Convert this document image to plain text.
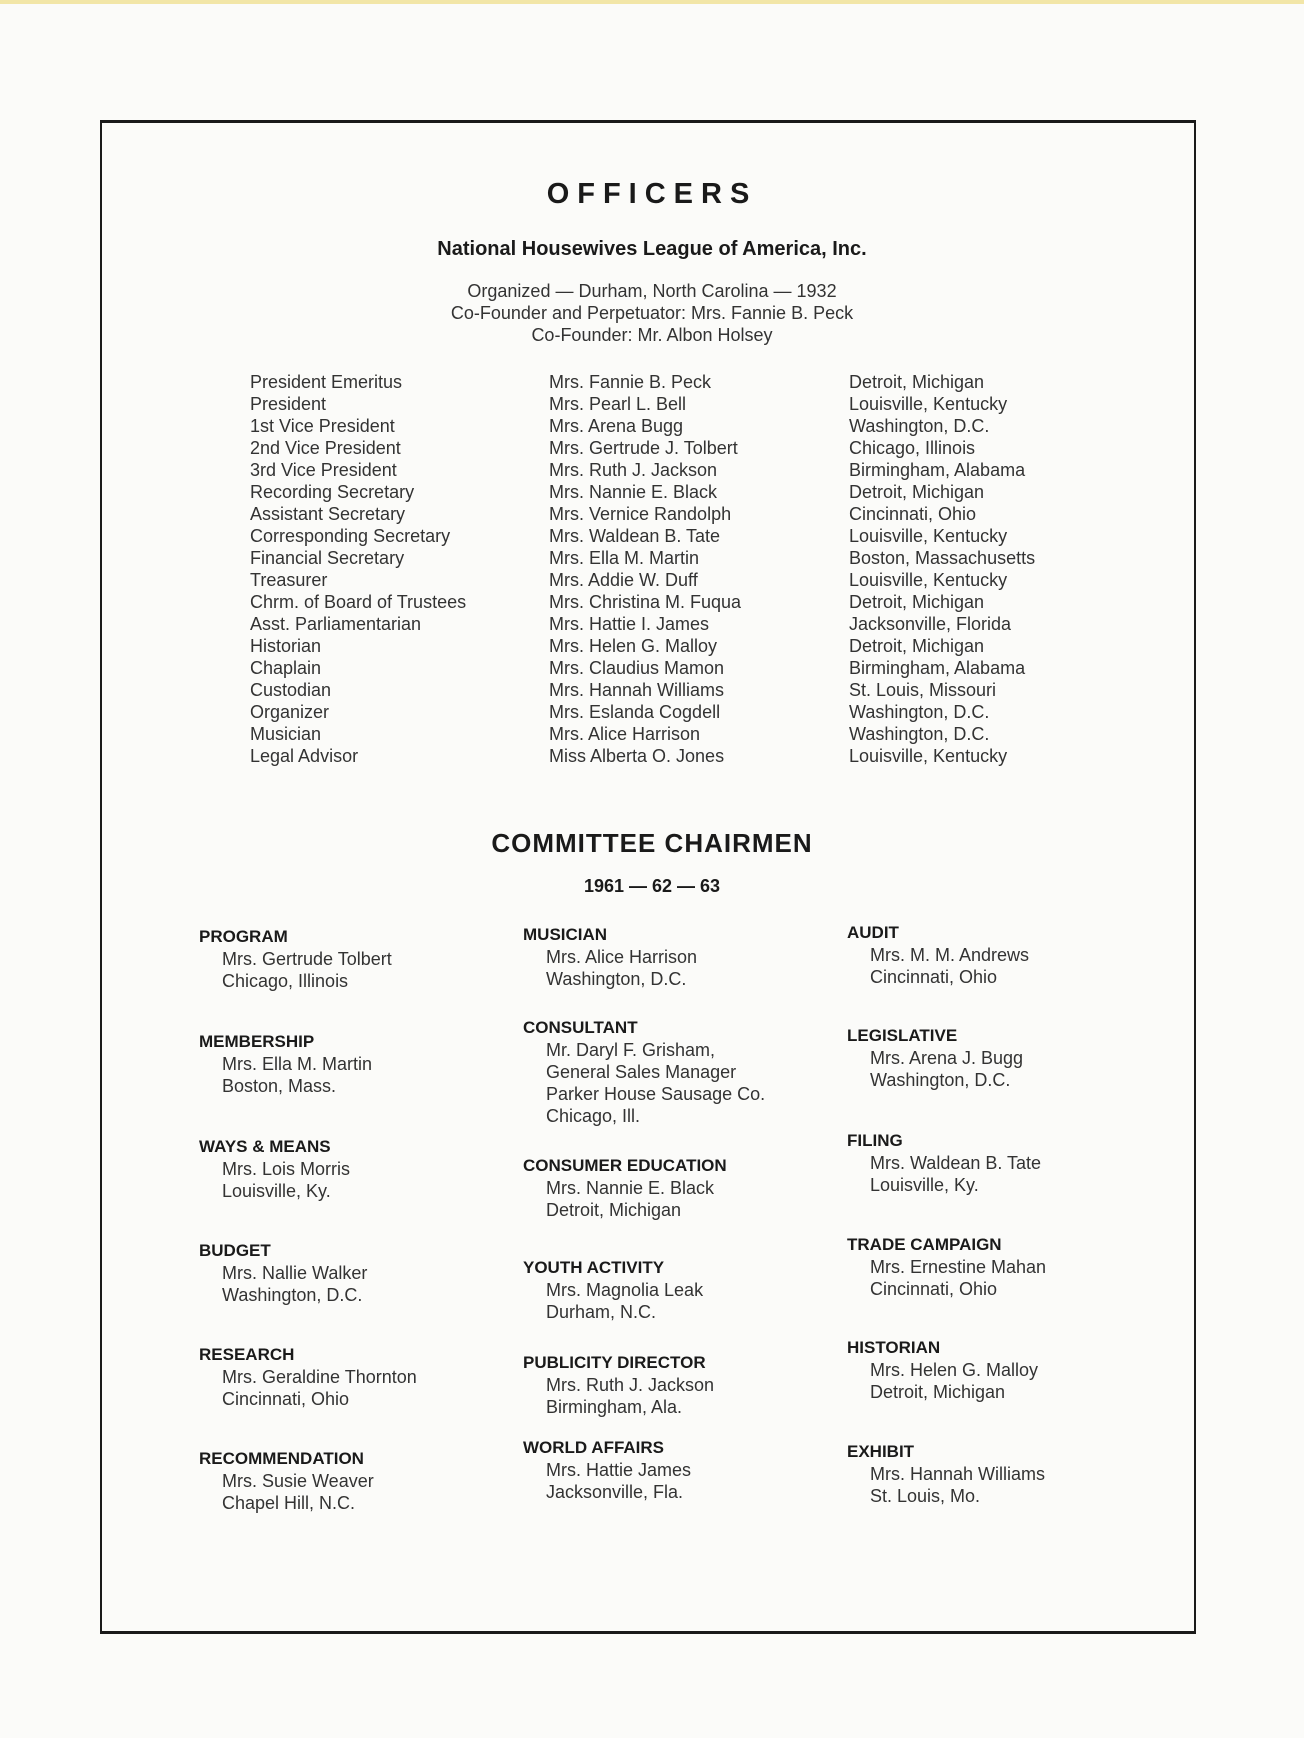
OFFICERS
National Housewives League of America, Inc.
Organized — Durham, North Carolina — 1932
Co-Founder and Perpetuator: Mrs. Fannie B. Peck
Co-Founder: Mr. Albon Holsey
President Emeritus	Mrs. Fannie B. Peck	Detroit, Michigan
President	Mrs. Pearl L. Bell	Louisville, Kentucky
1st Vice President	Mrs. Arena Bugg	Washington, D.C.
2nd Vice President	Mrs. Gertrude J. Tolbert	Chicago, Illinois
3rd Vice President	Mrs. Ruth J. Jackson	Birmingham, Alabama
Recording Secretary	Mrs. Nannie E. Black	Detroit, Michigan
Assistant Secretary	Mrs. Vernice Randolph	Cincinnati, Ohio
Corresponding Secretary	Mrs. Waldean B. Tate	Louisville, Kentucky
Financial Secretary	Mrs. Ella M. Martin	Boston, Massachusetts
Treasurer	Mrs. Addie W. Duff	Louisville, Kentucky
Chrm. of Board of Trustees	Mrs. Christina M. Fuqua	Detroit, Michigan
Asst. Parliamentarian	Mrs. Hattie I. James	Jacksonville, Florida
Historian	Mrs. Helen G. Malloy	Detroit, Michigan
Chaplain	Mrs. Claudius Mamon	Birmingham, Alabama
Custodian	Mrs. Hannah Williams	St. Louis, Missouri
Organizer	Mrs. Eslanda Cogdell	Washington, D.C.
Musician	Mrs. Alice Harrison	Washington, D.C.
Legal Advisor	Miss Alberta O. Jones	Louisville, Kentucky
COMMITTEE CHAIRMEN
1961 — 62 — 63
PROGRAM
Mrs. Gertrude Tolbert
Chicago, Illinois
MEMBERSHIP
Mrs. Ella M. Martin
Boston, Mass.
WAYS & MEANS
Mrs. Lois Morris
Louisville, Ky.
BUDGET
Mrs. Nallie Walker
Washington, D.C.
RESEARCH
Mrs. Geraldine Thornton
Cincinnati, Ohio
RECOMMENDATION
Mrs. Susie Weaver
Chapel Hill, N.C.
MUSICIAN
Mrs. Alice Harrison
Washington, D.C.
CONSULTANT
Mr. Daryl F. Grisham,
General Sales Manager
Parker House Sausage Co.
Chicago, Ill.
CONSUMER EDUCATION
Mrs. Nannie E. Black
Detroit, Michigan
YOUTH ACTIVITY
Mrs. Magnolia Leak
Durham, N.C.
PUBLICITY DIRECTOR
Mrs. Ruth J. Jackson
Birmingham, Ala.
WORLD AFFAIRS
Mrs. Hattie James
Jacksonville, Fla.
AUDIT
Mrs. M. M. Andrews
Cincinnati, Ohio
LEGISLATIVE
Mrs. Arena J. Bugg
Washington, D.C.
FILING
Mrs. Waldean B. Tate
Louisville, Ky.
TRADE CAMPAIGN
Mrs. Ernestine Mahan
Cincinnati, Ohio
HISTORIAN
Mrs. Helen G. Malloy
Detroit, Michigan
EXHIBIT
Mrs. Hannah Williams
St. Louis, Mo.
